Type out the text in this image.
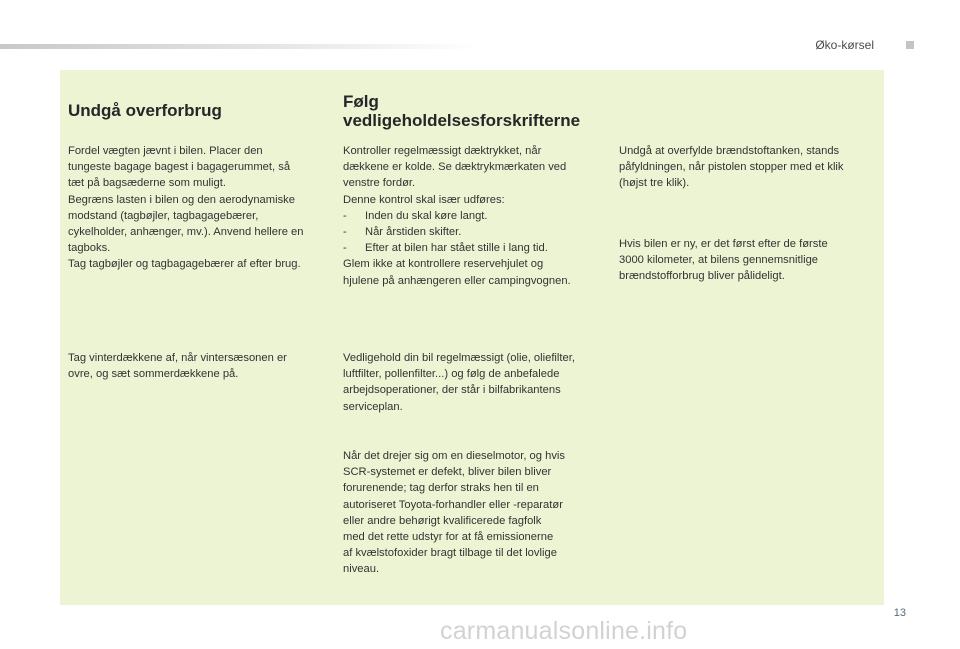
Øko-kørsel
Undgå overforbrug
Fordel vægten jævnt i bilen. Placer den
tungeste bagage bagest i bagagerummet, så
tæt på bagsæderne som muligt.
Begræns lasten i bilen og den aerodynamiske
modstand (tagbøjler, tagbagagebærer,
cykelholder, anhænger, mv.). Anvend hellere en
tagboks.
Tag tagbøjler og tagbagagebærer af efter brug.
Tag vinterdækkene af, når vintersæsonen er
ovre, og sæt sommerdækkene på.
Følg
vedligeholdelsesforskrifterne
Kontroller regelmæssigt dæktrykket, når
dækkene er kolde. Se dæktrykmærkaten ved
venstre fordør.
Denne kontrol skal især udføres:
- Inden du skal køre langt.
- Når årstiden skifter.
- Efter at bilen har stået stille i lang tid.
Glem ikke at kontrollere reservehjulet og
hjulene på anhængeren eller campingvognen.
Vedligehold din bil regelmæssigt (olie, oliefilter,
luftfilter, pollenfilter...) og følg de anbefalede
arbejdsoperationer, der står i bilfabrikantens
serviceplan.
Når det drejer sig om en dieselmotor, og hvis
SCR-systemet er defekt, bliver bilen bliver
forurenende; tag derfor straks hen til en
autoriseret Toyota-forhandler eller -reparatør
eller andre behørigt kvalificerede fagfolk
med det rette udstyr for at få emissionerne
af kvælstofoxider bragt tilbage til det lovlige
niveau.
Undgå at overfylde brændstoftanken, stands
påfyldningen, når pistolen stopper med et klik
(højst tre klik).
Hvis bilen er ny, er det først efter de første
3000 kilometer, at bilens gennemsnitlige
brændstofforbrug bliver pålideligt.
13
carmanualsonline.info
